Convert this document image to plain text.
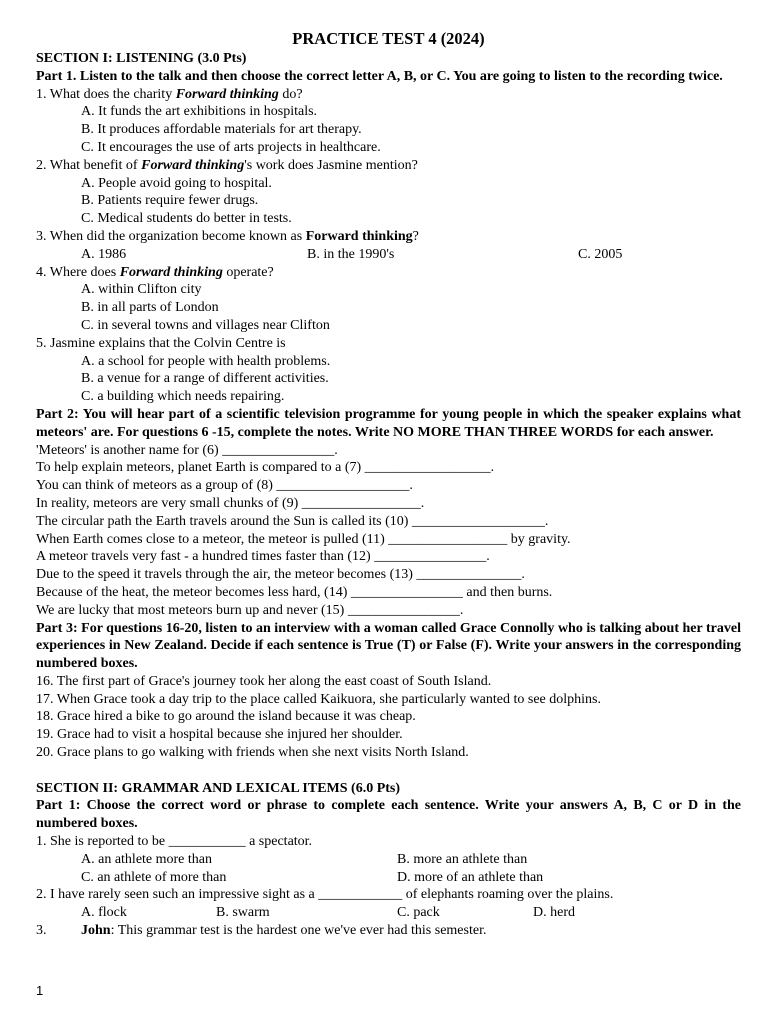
PRACTICE TEST 4 (2024)
SECTION I: LISTENING (3.0 Pts)
Part 1. Listen to the talk and then choose the correct letter A, B, or C. You are going to listen to the recording twice.
1. What does the charity Forward thinking do?
A. It funds the art exhibitions in hospitals.
B. It produces affordable materials for art therapy.
C. It encourages the use of arts projects in healthcare.
2. What benefit of Forward thinking's work does Jasmine mention?
A. People avoid going to hospital.
B. Patients require fewer drugs.
C. Medical students do better in tests.
3. When did the organization become known as Forward thinking?
A. 1986	B. in the 1990's	C. 2005
4. Where does Forward thinking operate?
A. within Clifton city
B. in all parts of London
C. in several towns and villages near Clifton
5. Jasmine explains that the Colvin Centre is
A. a school for people with health problems.
B. a venue for a range of different activities.
C. a building which needs repairing.
Part 2: You will hear part of a scientific television programme for young people in which the speaker explains what meteors' are. For questions 6 -15, complete the notes. Write NO MORE THAN THREE WORDS for each answer.
'Meteors' is another name for (6) ________________.
To help explain meteors, planet Earth is compared to a (7) __________________.
You can think of meteors as a group of (8) ___________________.
In reality, meteors are very small chunks of (9) _________________.
The circular path the Earth travels around the Sun is called its (10) ___________________.
When Earth comes close to a meteor, the meteor is pulled (11) _________________ by gravity.
A meteor travels very fast - a hundred times faster than (12) ________________.
Due to the speed it travels through the air, the meteor becomes (13) _______________.
Because of the heat, the meteor becomes less hard, (14) ________________ and then burns.
We are lucky that most meteors burn up and never (15) ________________.
Part 3: For questions 16-20, listen to an interview with a woman called Grace Connolly who is talking about her travel experiences in New Zealand. Decide if each sentence is True (T) or False (F). Write your answers in the corresponding numbered boxes.
16. The first part of Grace's journey took her along the east coast of South Island.
17. When Grace took a day trip to the place called Kaikuora, she particularly wanted to see dolphins.
18. Grace hired a bike to go around the island because it was cheap.
19. Grace had to visit a hospital because she injured her shoulder.
20. Grace plans to go walking with friends when she next visits North Island.
SECTION II: GRAMMAR AND LEXICAL ITEMS (6.0 Pts)
Part 1: Choose the correct word or phrase to complete each sentence. Write your answers A, B, C or D in the numbered boxes.
1. She is reported to be ___________ a spectator.
A. an athlete more than	B. more an athlete than
C. an athlete of more than	D. more of an athlete than
2. I have rarely seen such an impressive sight as a ____________ of elephants roaming over the plains.
A. flock	B. swarm	C. pack	D. herd
3. John: This grammar test is the hardest one we've ever had this semester.
1
